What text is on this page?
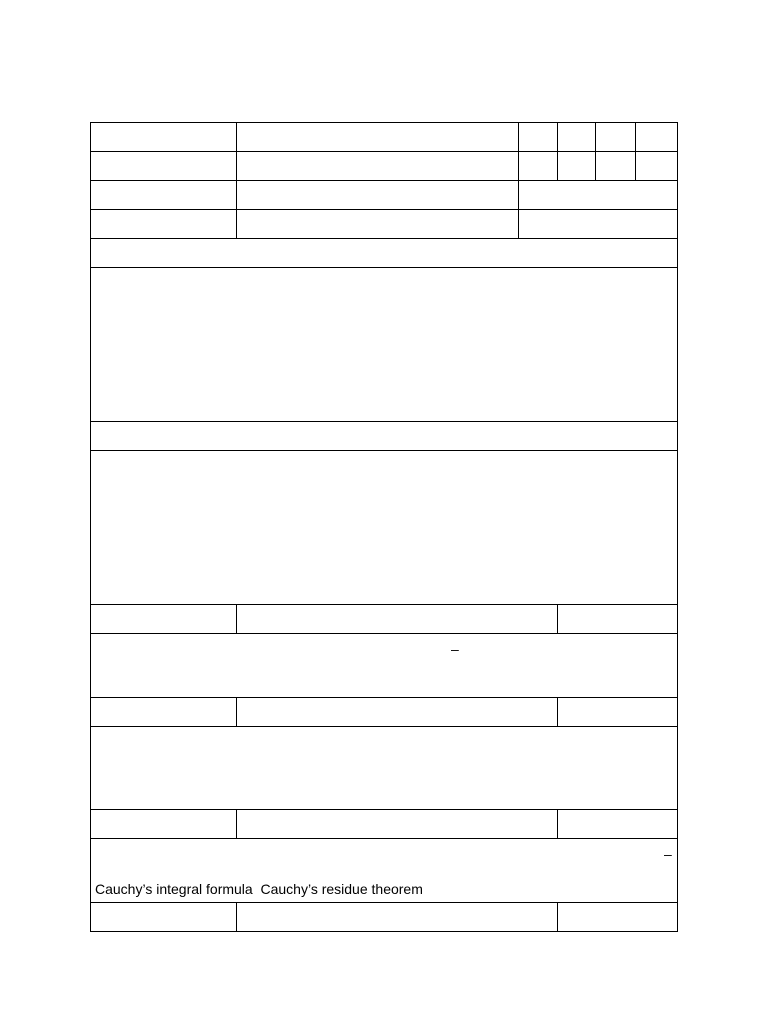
–					

–
Cauchy’s integral formula Cauchy’s residue theorem					
